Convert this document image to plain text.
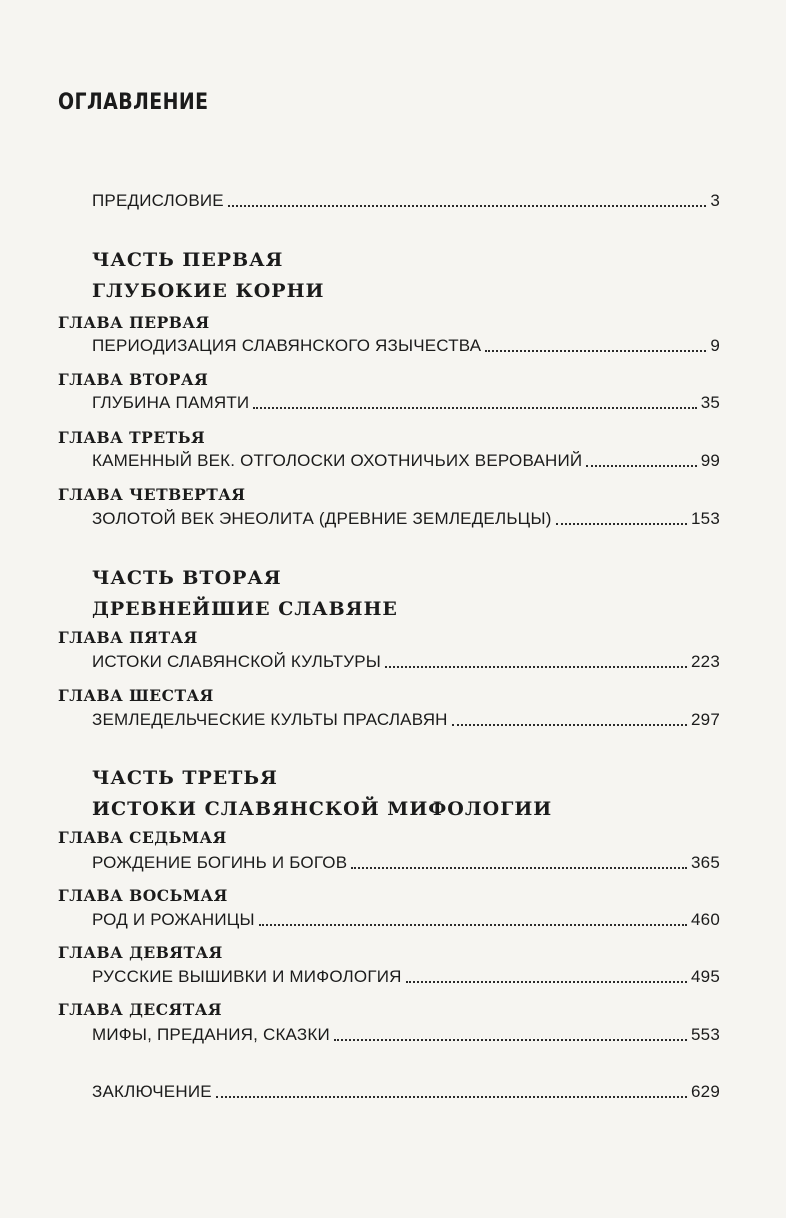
ОГЛАВЛЕНИЕ
ПРЕДИСЛОВИЕ	3
ЧАСТЬ ПЕРВАЯ
ГЛУБОКИЕ КОРНИ
ГЛАВА ПЕРВАЯ
ПЕРИОДИЗАЦИЯ СЛАВЯНСКОГО ЯЗЫЧЕСТВА	9
ГЛАВА ВТОРАЯ
ГЛУБИНА ПАМЯТИ	35
ГЛАВА ТРЕТЬЯ
КАМЕННЫЙ ВЕК. ОТГОЛОСКИ ОХОТНИЧЬИХ ВЕРОВАНИЙ	99
ГЛАВА ЧЕТВЕРТАЯ
ЗОЛОТОЙ ВЕК ЭНЕОЛИТА (ДРЕВНИЕ ЗЕМЛЕДЕЛЬЦЫ)	153
ЧАСТЬ ВТОРАЯ
ДРЕВНЕЙШИЕ СЛАВЯНЕ
ГЛАВА ПЯТАЯ
ИСТОКИ СЛАВЯНСКОЙ КУЛЬТУРЫ	223
ГЛАВА ШЕСТАЯ
ЗЕМЛЕДЕЛЬЧЕСКИЕ КУЛЬТЫ ПРАСЛАВЯН	297
ЧАСТЬ ТРЕТЬЯ
ИСТОКИ СЛАВЯНСКОЙ МИФОЛОГИИ
ГЛАВА СЕДЬМАЯ
РОЖДЕНИЕ БОГИНЬ И БОГОВ	365
ГЛАВА ВОСЬМАЯ
РОД И РОЖАНИЦЫ	460
ГЛАВА ДЕВЯТАЯ
РУССКИЕ ВЫШИВКИ И МИФОЛОГИЯ	495
ГЛАВА ДЕСЯТАЯ
МИФЫ, ПРЕДАНИЯ, СКАЗКИ	553
ЗАКЛЮЧЕНИЕ	629
